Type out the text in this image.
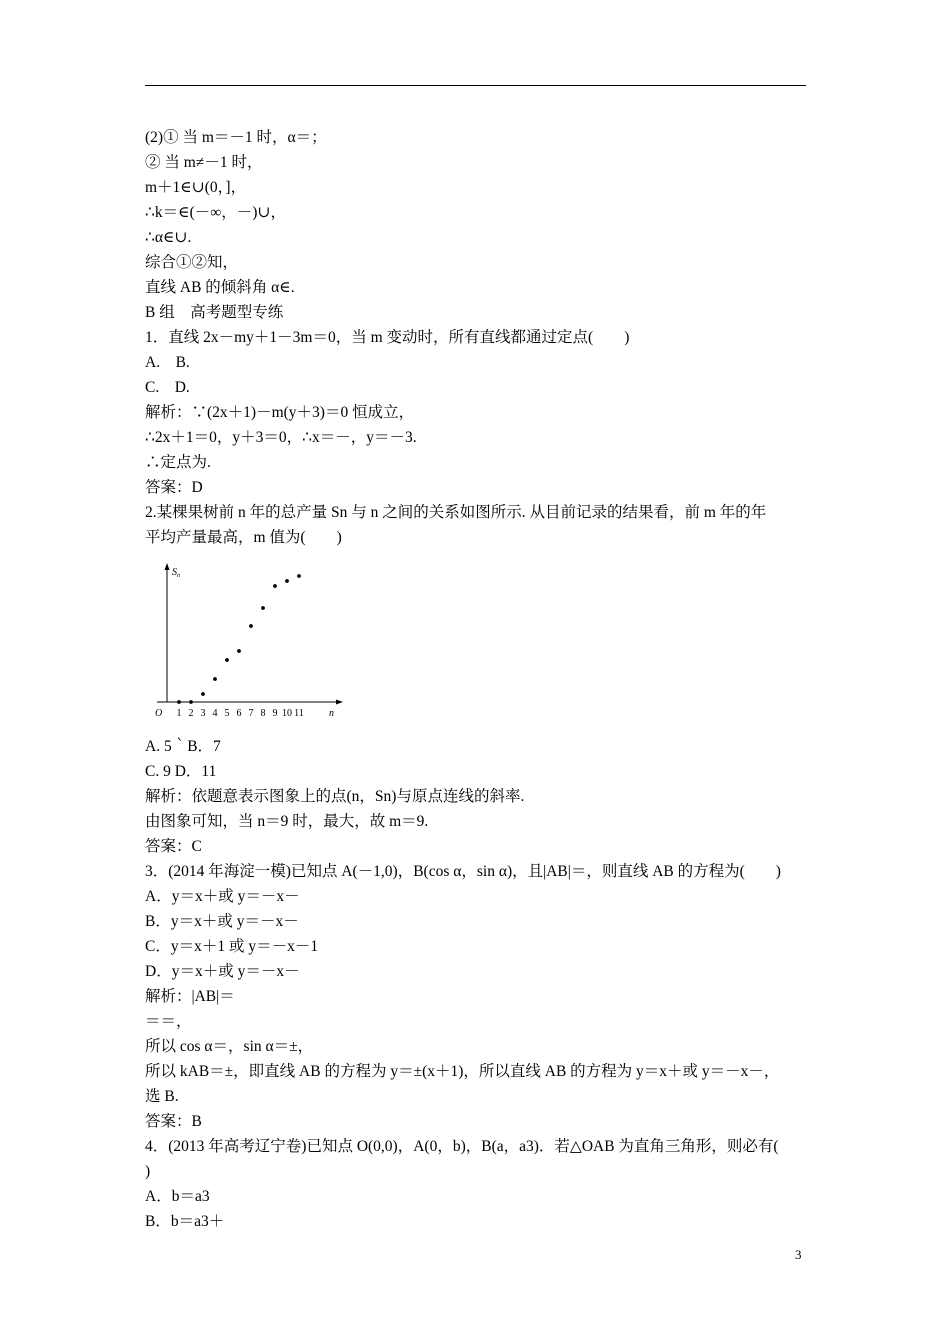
(2)① 当 m＝－1 时，α＝；
② 当 m≠－1 时，
m＋1∈∪(0，]，
∴k＝∈(－∞，－)∪，
∴α∈∪.
综合①②知，
直线 AB 的倾斜角 α∈.
B 组　高考题型专练
1．直线 2x－my＋1－3m＝0，当 m 变动时，所有直线都通过定点(　　)
A.　B.
C.　D.
解析：∵(2x＋1)－m(y＋3)＝0 恒成立，
∴2x＋1＝0，y＋3＝0，∴x＝－，y＝－3.
∴定点为.
答案：D
2.某棵果树前 n 年的总产量 Sn 与 n 之间的关系如图所示. 从目前记录的结果看，前 m 年的年
平均产量最高，m 值为(　　)
$S_n$
n
O 1 2 3 4 5 6 7 8 9 10 11
A. 5｀B．7
C. 9 D．11
解析：依题意表示图象上的点(n，Sn)与原点连线的斜率.
由图象可知，当 n＝9 时，最大，故 m＝9.
答案：C
3．(2014 年海淀一模)已知点 A(－1,0)，B(cos α，sin α)，且|AB|＝，则直线 AB 的方程为(　　)
A．y＝x＋或 y＝－x－
B．y＝x＋或 y＝－x－
C．y＝x＋1 或 y＝－x－1
D．y＝x＋或 y＝－x－
解析：|AB|＝
＝＝，
所以 cos α＝，sin α＝±，
所以 kAB＝±，即直线 AB 的方程为 y＝±(x＋1)，所以直线 AB 的方程为 y＝x＋或 y＝－x－，
选 B.
答案：B
4．(2013 年高考辽宁卷)已知点 O(0,0)，A(0，b)，B(a，a3)．若△OAB 为直角三角形，则必有(
)
A．b＝a3
B．b＝a3＋
3
